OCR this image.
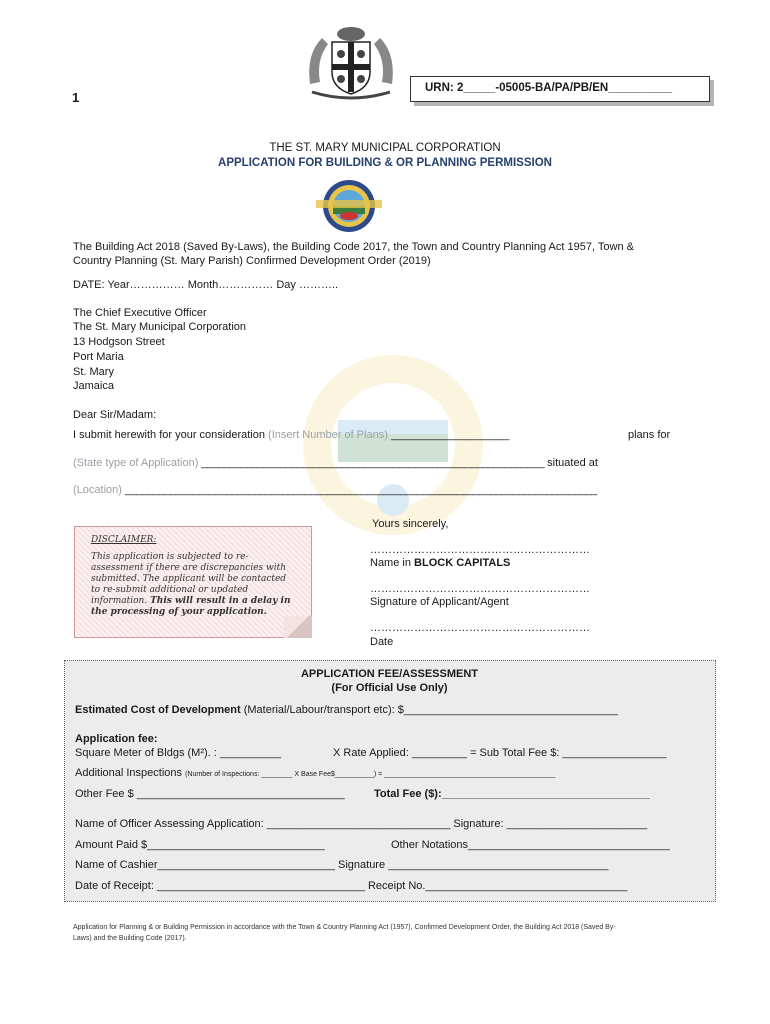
1
URN: 2_____-05005-BA/PA/PB/EN__________
THE ST. MARY MUNICIPAL CORPORATION
APPLICATION FOR BUILDING & OR PLANNING PERMISSION
The Building Act 2018 (Saved By-Laws), the Building Code 2017, the Town and Country Planning Act 1957, Town &
Country Planning (St. Mary Parish) Confirmed Development Order (2019)
DATE: Year…………… Month…………… Day ………..
The Chief Executive Officer
The St. Mary Municipal Corporation
13 Hodgson Street
Port Maria
St. Mary
Jamaica
Dear Sir/Madam:
I submit herewith for your consideration (Insert Number of Plans) _____________________	plans for
(State type of Application) _____________________________________________________________ situated at
(Location) ____________________________________________________________________________________
DISCLAIMER:
This application is subjected to re-
assessment if there are discrepancies with
submitted. The applicant will be contacted
to re-submit additional or updated
information. This will result in a delay in
the processing of your application.
Yours sincerely,
……………………………………………………
Name in BLOCK CAPITALS
……………………………………………………
Signature of Applicant/Agent
……………………………………………………
Date
APPLICATION FEE/ASSESSMENT
(For Official Use Only)
Estimated Cost of Development (Material/Labour/transport etc): $___________________________________
Application fee:
Square Meter of Bldgs (M²). : __________	X Rate Applied: _________ = Sub Total Fee $: _________________
Additional Inspections (Number of Inspections: ________ X Base Fee$__________) = ____________________________________________
Other Fee $ __________________________________	Total Fee ($):__________________________________
Name of Officer Assessing Application: ______________________________ Signature: _______________________
Amount Paid $_____________________________	Other Notations_________________________________
Name of Cashier_____________________________ Signature ____________________________________
Date of Receipt: __________________________________ Receipt No._________________________________
Application for Planning & or Building Permission in accordance with the Town & Country Planning Act (1957), Confirmed Development Order, the Building Act 2018 (Saved By-
Laws) and the Building Code (2017).
